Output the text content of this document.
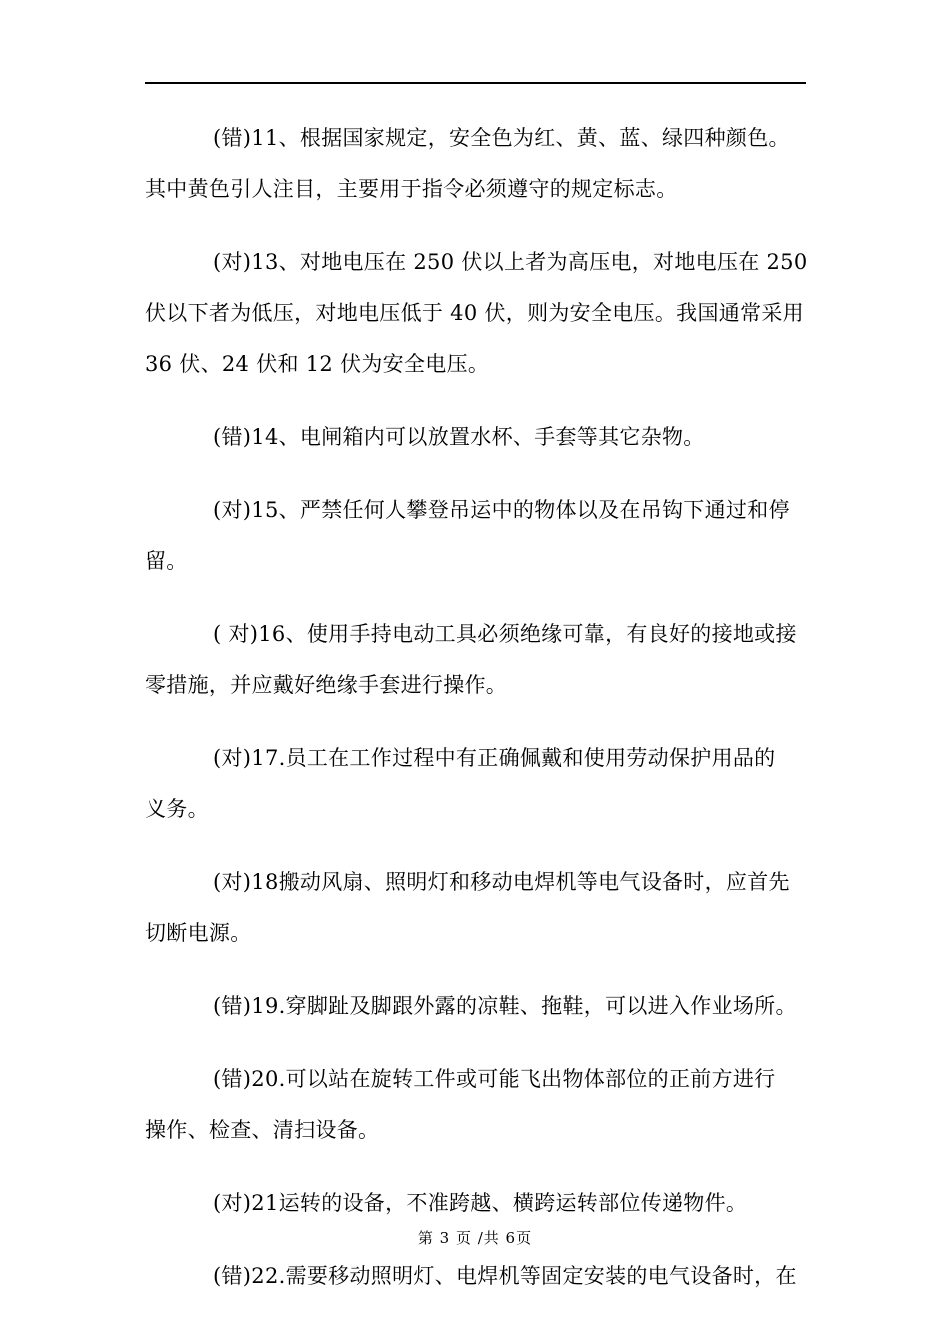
(错)11、根据国家规定，安全色为红、黄、蓝、绿四种颜色。
其中黄色引人注目，主要用于指令必须遵守的规定标志。

(对)13、对地电压在 250 伏以上者为高压电，对地电压在 250
伏以下者为低压，对地电压低于 40 伏，则为安全电压。我国通常采用
36 伏、24 伏和 12 伏为安全电压。

(错)14、电闸箱内可以放置水杯、手套等其它杂物。

(对)15、严禁任何人攀登吊运中的物体以及在吊钩下通过和停
留。

( 对)16、使用手持电动工具必须绝缘可靠，有良好的接地或接
零措施，并应戴好绝缘手套进行操作。

(对)17.员工在工作过程中有正确佩戴和使用劳动保护用品的
义务。

(对)18搬动风扇、照明灯和移动电焊机等电气设备时，应首先
切断电源。

(错)19.穿脚趾及脚跟外露的凉鞋、拖鞋，可以进入作业场所。

(错)20.可以站在旋转工件或可能飞出物体部位的正前方进行
操作、检查、清扫设备。

(对)21运转的设备，不准跨越、横跨运转部位传递物件。

(错)22.需要移动照明灯、电焊机等固定安装的电气设备时，在

第 3 页 /共 6页
